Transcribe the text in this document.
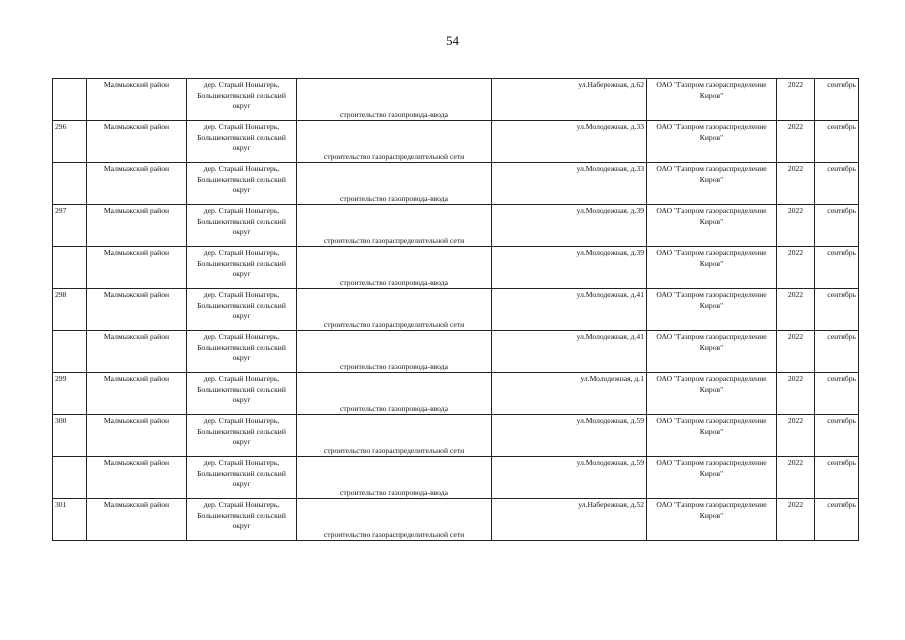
54
	Малмыжский район	дер. Старый Ноныгерь, Большекитякский сельский округ	строительство газопровода-ввода	ул.Набережная, д.62	ОАО "Газпром газораспределение Киров"	2022	сентябрь
296	Малмыжский район	дер. Старый Ноныгерь, Большекитякский сельский округ	строительство газораспределительной сети	ул.Молодежная, д.33	ОАО "Газпром газораспределение Киров"	2022	сентябрь
	Малмыжский район	дер. Старый Ноныгерь, Большекитякский сельский округ	строительство газопровода-ввода	ул.Молодежная, д.33	ОАО "Газпром газораспределение Киров"	2022	сентябрь
297	Малмыжский район	дер. Старый Ноныгерь, Большекитякский сельский округ	строительство газораспределительной сети	ул.Молодежная, д.39	ОАО "Газпром газораспределение Киров"	2022	сентябрь
	Малмыжский район	дер. Старый Ноныгерь, Большекитякский сельский округ	строительство газопровода-ввода	ул.Молодежная, д.39	ОАО "Газпром газораспределение Киров"	2022	сентябрь
298	Малмыжский район	дер. Старый Ноныгерь, Большекитякский сельский округ	строительство газораспределительной сети	ул.Молодежная, д.41	ОАО "Газпром газораспределение Киров"	2022	сентябрь
	Малмыжский район	дер. Старый Ноныгерь, Большекитякский сельский округ	строительство газопровода-ввода	ул.Молодежная, д.41	ОАО "Газпром газораспределение Киров"	2022	сентябрь
299	Малмыжский район	дер. Старый Ноныгерь, Большекитякский сельский округ	строительство газопровода-ввода	ул.Молодежная, д.1	ОАО "Газпром газораспределение Киров"	2022	сентябрь
300	Малмыжский район	дер. Старый Ноныгерь, Большекитякский сельский округ	строительство газораспределительной сети	ул.Молодежная, д.59	ОАО "Газпром газораспределение Киров"	2022	сентябрь
	Малмыжский район	дер. Старый Ноныгерь, Большекитякский сельский округ	строительство газопровода-ввода	ул.Молодежная, д.59	ОАО "Газпром газораспределение Киров"	2022	сентябрь
301	Малмыжский район	дер. Старый Ноныгерь, Большекитякский сельский округ	строительство газораспределительной сети	ул.Набережная, д.52	ОАО "Газпром газораспределение Киров"	2022	сентябрь
